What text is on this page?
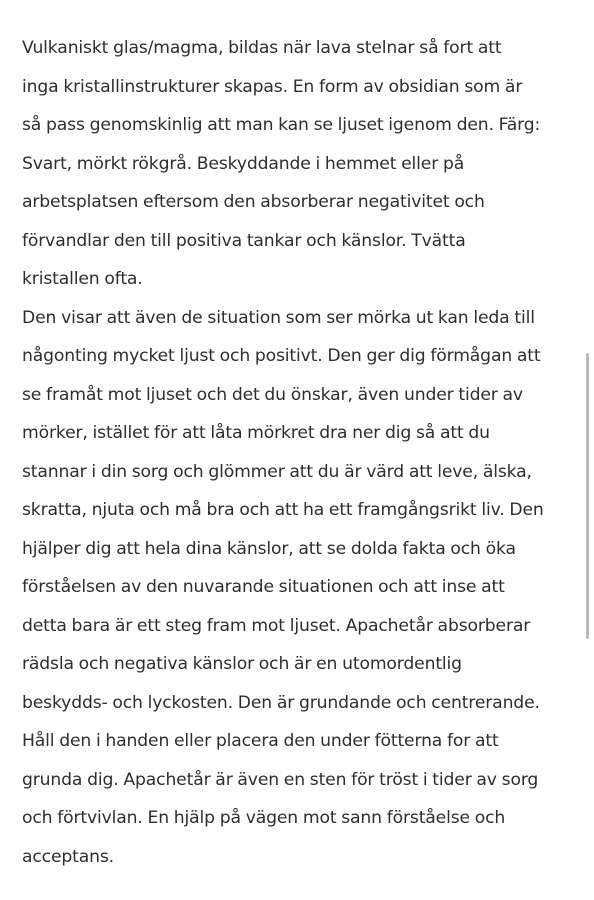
Vulkaniskt glas/magma, bildas när lava stelnar så fort att
inga kristallinstrukturer skapas. En form av obsidian som är
så pass genomskinlig att man kan se ljuset igenom den. Färg:
Svart, mörkt rökgrå. Beskyddande i hemmet eller på
arbetsplatsen eftersom den absorberar negativitet och
förvandlar den till positiva tankar och känslor. Tvätta
kristallen ofta.
Den visar att även de situation som ser mörka ut kan leda till
någonting mycket ljust och positivt. Den ger dig förmågan att
se framåt mot ljuset och det du önskar, även under tider av
mörker, istället för att låta mörkret dra ner dig så att du
stannar i din sorg och glömmer att du är värd att leve, älska,
skratta, njuta och må bra och att ha ett framgångsrikt liv. Den
hjälper dig att hela dina känslor, att se dolda fakta och öka
förståelsen av den nuvarande situationen och att inse att
detta bara är ett steg fram mot ljuset. Apachetår absorberar
rädsla och negativa känslor och är en utomordentlig
beskydds- och lyckosten. Den är grundande och centrerande.
Håll den i handen eller placera den under fötterna for att
grunda dig. Apachetår är även en sten för tröst i tider av sorg
och förtvivlan. En hjälp på vägen mot sann förståelse och
acceptans.
